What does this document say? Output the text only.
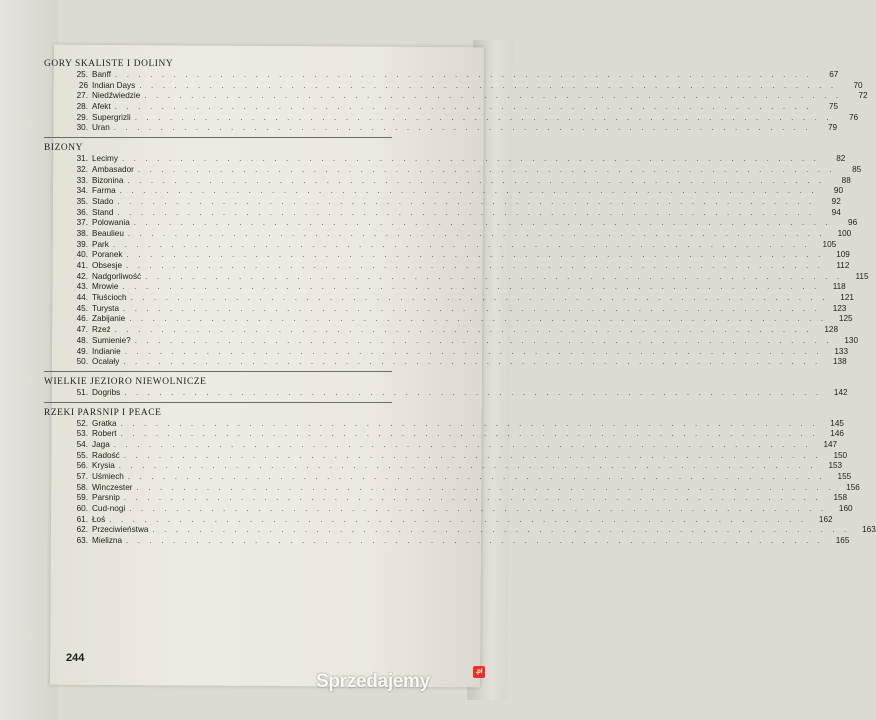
GORY SKALISTE I DOLINY
25. Banff ............................................................	67
26 Indian Days ............................................................	70
27. Niedźwiedzie ............................................................	72
28. Afekt ............................................................	75
29. Supergrizli ............................................................	76
30. Uran ............................................................	79
BIZONY
31. Lecimy ............................................................	82
32. Ambasador ............................................................	85
33. Bizonina ............................................................	88
34. Farma ............................................................	90
35. Stado ............................................................	92
36. Stand ............................................................	94
37. Polowania ............................................................	96
38. Beaulieu ............................................................ 100
39. Park ............................................................ 105
40. Poranek ............................................................ 109
41. Obsesje ............................................................ 112
42. Nadgorliwość ............................................................ 115
43. Mrowie ............................................................ 118
44. Tłuścioch ............................................................ 121
45. Turysta ............................................................ 123
46. Zabijanie ............................................................ 125
47. Rzeź ............................................................ 128
48. Sumienie? ............................................................ 130
49. Indianie ............................................................ 133
50. Ocalały ............................................................ 138
WIELKIE JEZIORO NIEWOLNICZE
51. Dogribs ............................................................ 142
RZEKI PARSNIP I PEACE
52. Gratka ............................................................ 145
53. Robert ............................................................ 146
54. Jaga ............................................................ 147
55. Radość ............................................................ 150
56. Krysia ............................................................ 153
57. Uśmiech ............................................................ 155
58. Winczester ............................................................ 156
59. Parsnip ............................................................ 158
60. Cud-nogi ............................................................ 160
61. Łoś ............................................................ 162
62. Przeciwieństwa ............................................................ 163
63. Mielizna ............................................................ 165
244
Sprzedajemy	.pl
